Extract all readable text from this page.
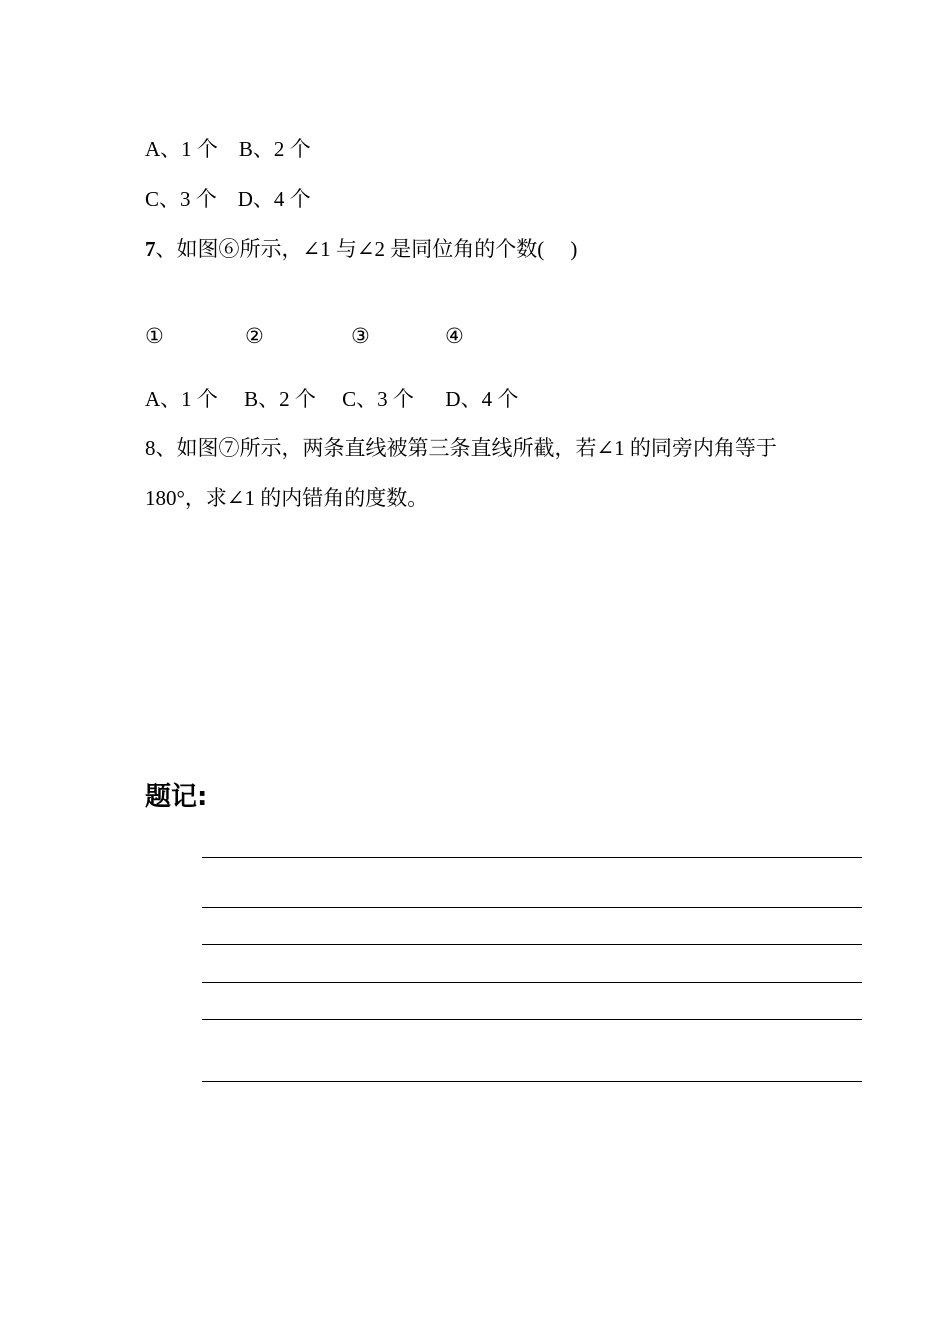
A、1 个    B、2 个
C、3 个    D、4 个
7、如图⑥所示，∠1 与∠2 是同位角的个数(     )
①	②	③	④
A、1 个     B、2 个     C、3 个      D、4 个
8、如图⑦所示，两条直线被第三条直线所截，若∠1 的同旁内角等于
180°，求∠1 的内错角的度数。
题记:
